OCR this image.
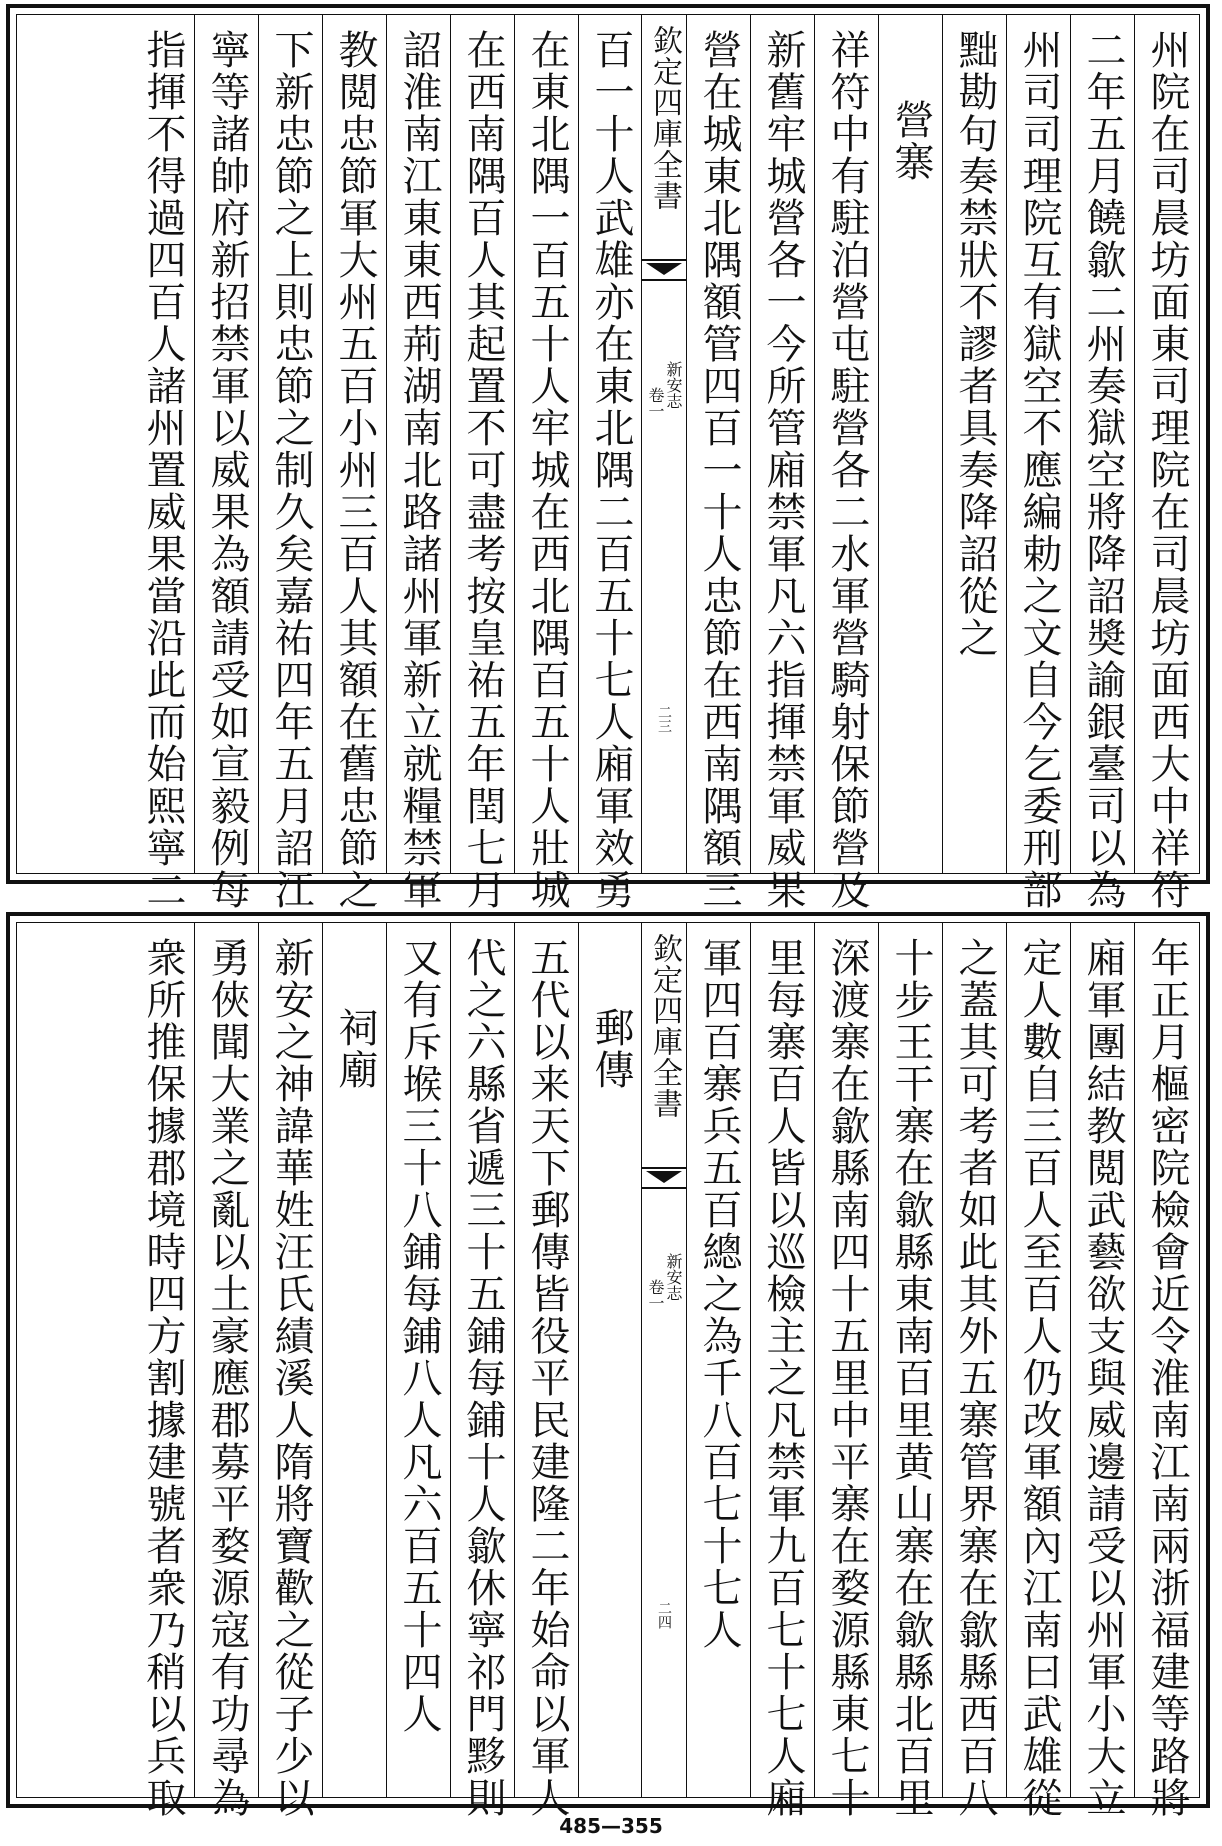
州院在司晨坊面東司理院在司晨坊面西大中祥符
二年五月饒歙二州奏獄空將降詔奬諭銀臺司以為
州司司理院互有獄空不應編勅之文自今乞委刑部
黜勘句奏禁狀不謬者具奏降詔從之
營寨
祥符中有駐泊營屯駐營各二水軍營騎射保節營及
新舊牢城營各一今所管廂禁軍凡六指揮禁軍威果
營在城東北隅額管四百一十人忠節在西南隅額三
欽定四庫全書
新安志
卷一
二三
百一十人武雄亦在東北隅二百五十七人廂軍效勇
在東北隅一百五十人牢城在西北隅百五十人壯城
在西南隅百人其起置不可盡考按皇祐五年閏七月
詔淮南江東東西荊湖南北路諸州軍新立就糧禁軍
教閲忠節軍大州五百小州三百人其額在舊忠節之
下新忠節之上則忠節之制久矣嘉祐四年五月詔江
寧等諸帥府新招禁軍以威果為額請受如宣毅例每
指揮不得過四百人諸州置威果當沿此而始熙寧二
年正月樞密院檢會近令淮南江南兩浙福建等路將
廂軍團結教閲武藝欲支與威邊請受以州軍小大立
定人數自三百人至百人仍改軍額內江南曰武雄從
之蓋其可考者如此其外五寨管界寨在歙縣西百八
十步王干寨在歙縣東南百里黄山寨在歙縣北百里
深渡寨在歙縣南四十五里中平寨在婺源縣東七十
里每寨百人皆以巡檢主之凡禁軍九百七十七人廂
軍四百寨兵五百總之為千八百七十七人
欽定四庫全書
新安志
卷一
二四
郵傳
五代以来天下郵傳皆役平民建隆二年始命以軍人
代之六縣省遞三十五鋪每鋪十人歙休寧祁門黟則
又有斥堠三十八鋪每鋪八人凡六百五十四人
祠廟
新安之神諱華姓汪氏績溪人隋將寶歡之從子少以
勇俠聞大業之亂以土豪應郡募平婺源寇有功尋為
衆所推保據郡境時四方割據建號者衆乃稍以兵取
485—355
